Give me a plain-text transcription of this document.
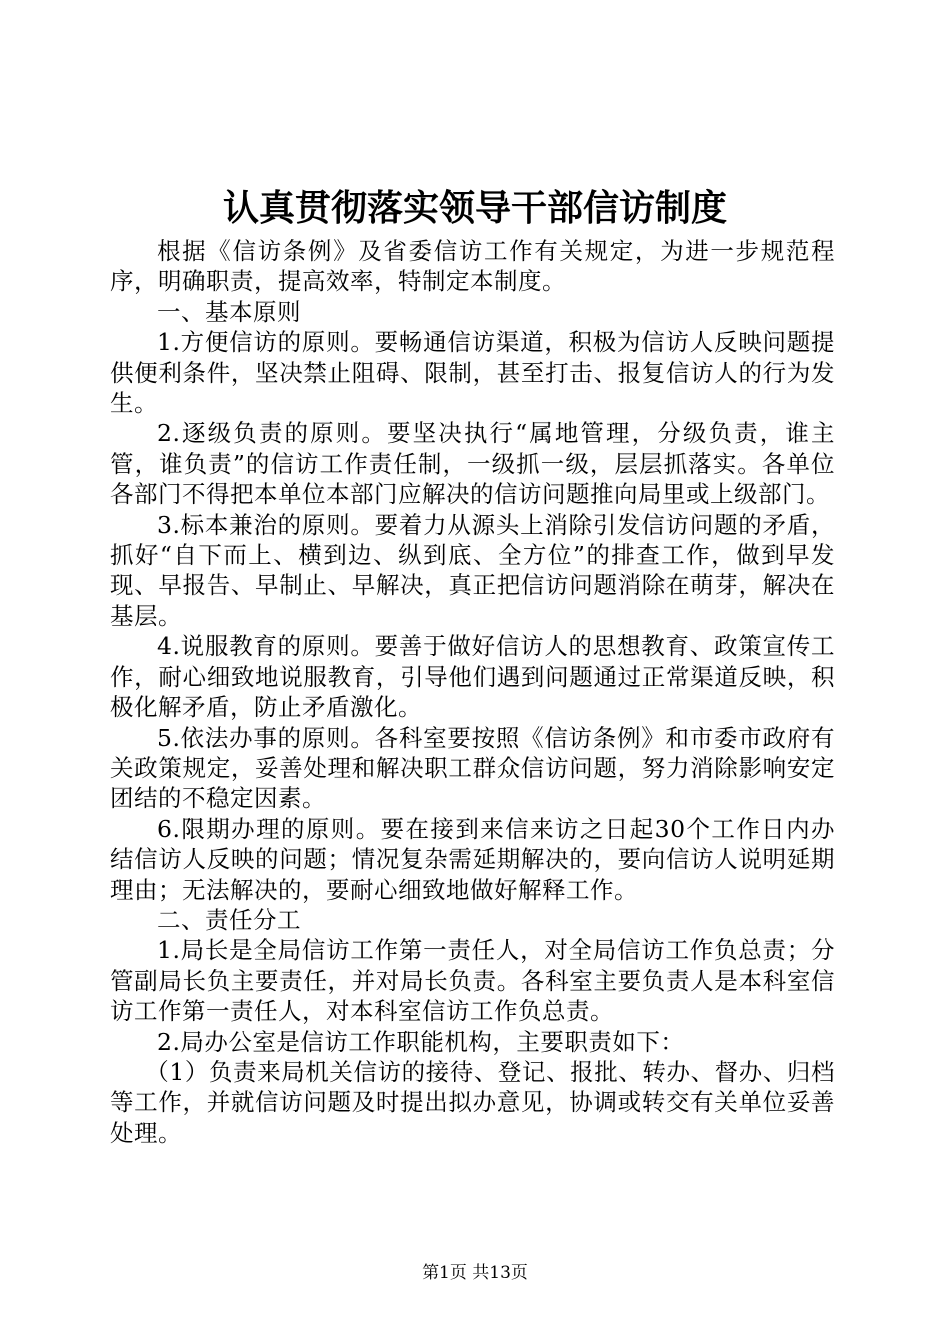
认真贯彻落实领导干部信访制度

根据《信访条例》及省委信访工作有关规定，为进一步规范程序，明确职责，提高效率，特制定本制度。

一、基本原则

1.方便信访的原则。要畅通信访渠道，积极为信访人反映问题提供便利条件，坚决禁止阻碍、限制，甚至打击、报复信访人的行为发生。

2.逐级负责的原则。要坚决执行“属地管理，分级负责，谁主管，谁负责”的信访工作责任制，一级抓一级，层层抓落实。各单位各部门不得把本单位本部门应解决的信访问题推向局里或上级部门。

3.标本兼治的原则。要着力从源头上消除引发信访问题的矛盾，抓好“自下而上、横到边、纵到底、全方位”的排查工作，做到早发现、早报告、早制止、早解决，真正把信访问题消除在萌芽，解决在基层。

4.说服教育的原则。要善于做好信访人的思想教育、政策宣传工作，耐心细致地说服教育，引导他们遇到问题通过正常渠道反映，积极化解矛盾，防止矛盾激化。

5.依法办事的原则。各科室要按照《信访条例》和市委市政府有关政策规定，妥善处理和解决职工群众信访问题，努力消除影响安定团结的不稳定因素。

6.限期办理的原则。要在接到来信来访之日起30个工作日内办结信访人反映的问题；情况复杂需延期解决的，要向信访人说明延期理由；无法解决的，要耐心细致地做好解释工作。

二、责任分工

1.局长是全局信访工作第一责任人，对全局信访工作负总责；分管副局长负主要责任，并对局长负责。各科室主要负责人是本科室信访工作第一责任人，对本科室信访工作负总责。

2.局办公室是信访工作职能机构，主要职责如下：

（1）负责来局机关信访的接待、登记、报批、转办、督办、归档等工作，并就信访问题及时提出拟办意见，协调或转交有关单位妥善处理。

第1页 共13页
